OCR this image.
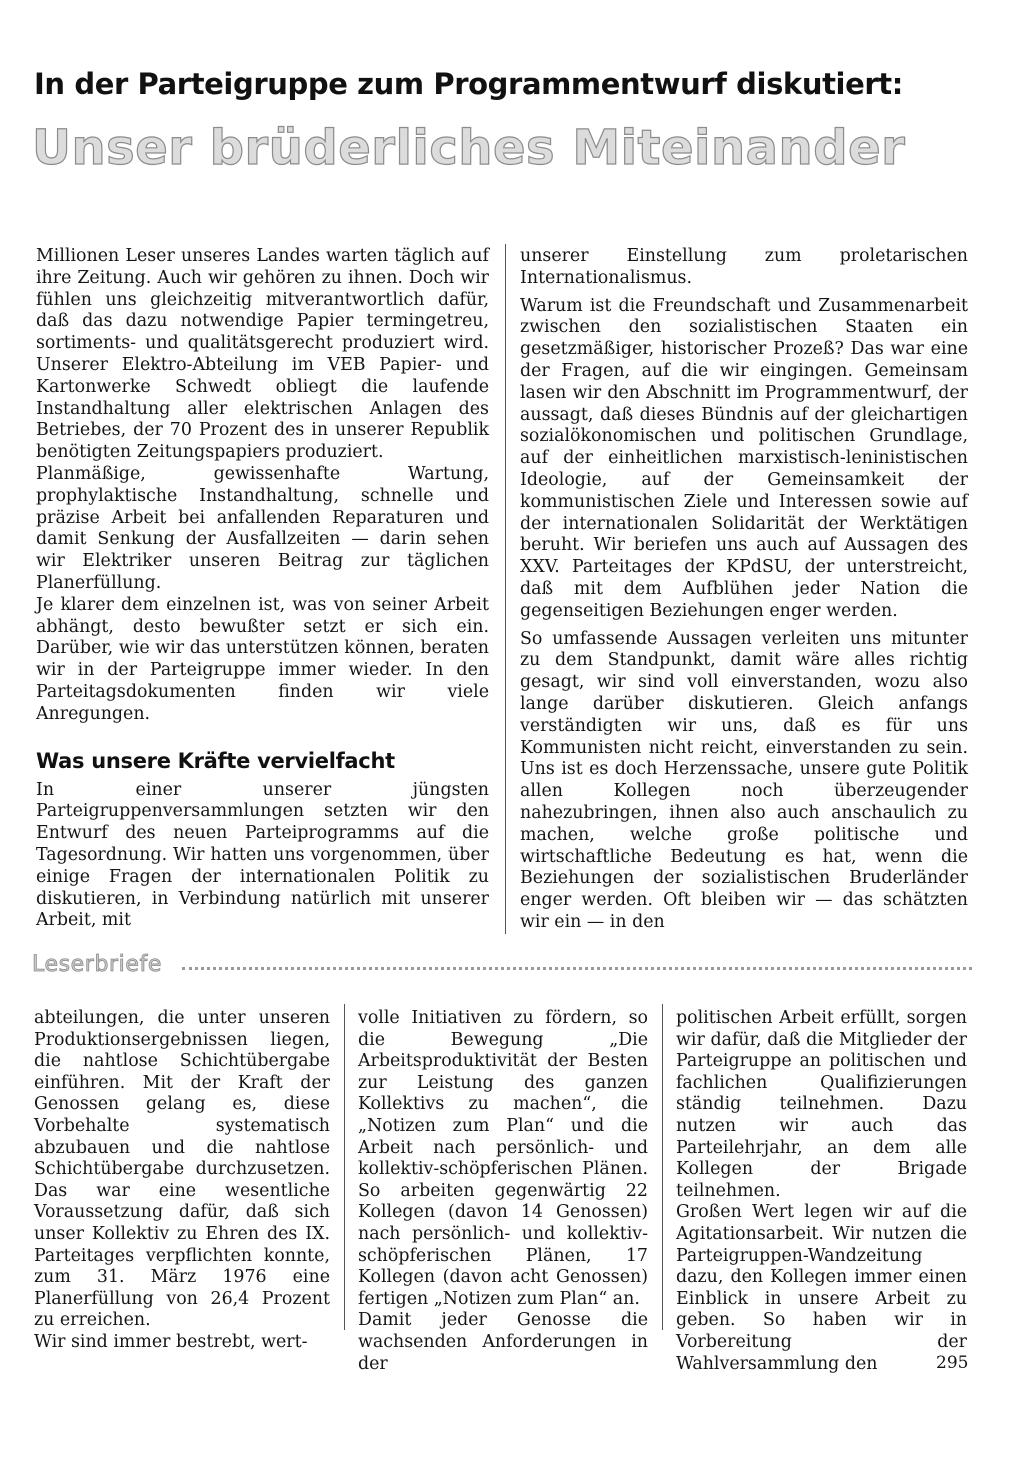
In der Parteigruppe zum Programmentwurf diskutiert:
Unser brüderliches Miteinander

Millionen Leser unseres Landes warten täglich auf ihre Zeitung. Auch wir gehören zu ihnen. Doch wir fühlen uns gleichzeitig mitverantwortlich dafür, daß das dazu notwendige Papier termingetreu, sortiments- und qualitätsgerecht produziert wird. Unserer Elektro-Abteilung im VEB Papier- und Kartonwerke Schwedt obliegt die laufende Instandhaltung aller elektrischen Anlagen des Betriebes, der 70 Prozent des in unserer Republik benötigten Zeitungspapiers produziert.

Planmäßige, gewissenhafte Wartung, prophylaktische Instandhaltung, schnelle und präzise Arbeit bei anfallenden Reparaturen und damit Senkung der Ausfallzeiten — darin sehen wir Elektriker unseren Beitrag zur täglichen Planerfüllung.

Je klarer dem einzelnen ist, was von seiner Arbeit abhängt, desto bewußter setzt er sich ein. Darüber, wie wir das unterstützen können, beraten wir in der Parteigruppe immer wieder. In den Parteitagsdokumenten finden wir viele Anregungen.

Was unsere Kräfte vervielfacht

In einer unserer jüngsten Parteigruppenversammlungen setzten wir den Entwurf des neuen Parteiprogramms auf die Tagesordnung. Wir hatten uns vorgenommen, über einige Fragen der internationalen Politik zu diskutieren, in Verbindung natürlich mit unserer Arbeit, mit

unserer Einstellung zum proletarischen Internationalismus.

Warum ist die Freundschaft und Zusammenarbeit zwischen den sozialistischen Staaten ein gesetzmäßiger, historischer Prozeß? Das war eine der Fragen, auf die wir eingingen. Gemeinsam lasen wir den Abschnitt im Programmentwurf, der aussagt, daß dieses Bündnis auf der gleichartigen sozialökonomischen und politischen Grundlage, auf der einheitlichen marxistisch-leninistischen Ideologie, auf der Gemeinsamkeit der kommunistischen Ziele und Interessen sowie auf der internationalen Solidarität der Werktätigen beruht. Wir beriefen uns auch auf Aussagen des XXV. Parteitages der KPdSU, der unterstreicht, daß mit dem Aufblühen jeder Nation die gegenseitigen Beziehungen enger werden.

So umfassende Aussagen verleiten uns mitunter zu dem Standpunkt, damit wäre alles richtig gesagt, wir sind voll einverstanden, wozu also lange darüber diskutieren. Gleich anfangs verständigten wir uns, daß es für uns Kommunisten nicht reicht, einverstanden zu sein. Uns ist es doch Herzenssache, unsere gute Politik allen Kollegen noch überzeugender nahezubringen, ihnen also auch anschaulich zu machen, welche große politische und wirtschaftliche Bedeutung es hat, wenn die Beziehungen der sozialistischen Bruderländer enger werden. Oft bleiben wir — das schätzten wir ein — in den

Leserbriefe

abteilungen, die unter unseren Produktionsergebnissen liegen, die nahtlose Schichtübergabe einführen. Mit der Kraft der Genossen gelang es, diese Vorbehalte systematisch abzubauen und die nahtlose Schichtübergabe durchzusetzen. Das war eine wesentliche Voraussetzung dafür, daß sich unser Kollektiv zu Ehren des IX. Parteitages verpflichten konnte, zum 31. März 1976 eine Planerfüllung von 26,4 Prozent zu erreichen.

Wir sind immer bestrebt, wert-

volle Initiativen zu fördern, so die Bewegung „Die Arbeitsproduktivität der Besten zur Leistung des ganzen Kollektivs zu machen“, die „Notizen zum Plan“ und die Arbeit nach persönlich- und kollektiv-schöpferischen Plänen. So arbeiten gegenwärtig 22 Kollegen (davon 14 Genossen) nach persönlich- und kollektiv-schöpferischen Plänen, 17 Kollegen (davon acht Genossen) fertigen „Notizen zum Plan“ an.

Damit jeder Genosse die wachsenden Anforderungen in der

politischen Arbeit erfüllt, sorgen wir dafür, daß die Mitglieder der Parteigruppe an politischen und fachlichen Qualifizierungen ständig teilnehmen. Dazu nutzen wir auch das Parteilehrjahr, an dem alle Kollegen der Brigade teilnehmen.

Großen Wert legen wir auf die Agitationsarbeit. Wir nutzen die Parteigruppen-Wandzeitung dazu, den Kollegen immer einen Einblick in unsere Arbeit zu geben. So haben wir in Vorbereitung der Wahlversammlung den	295
